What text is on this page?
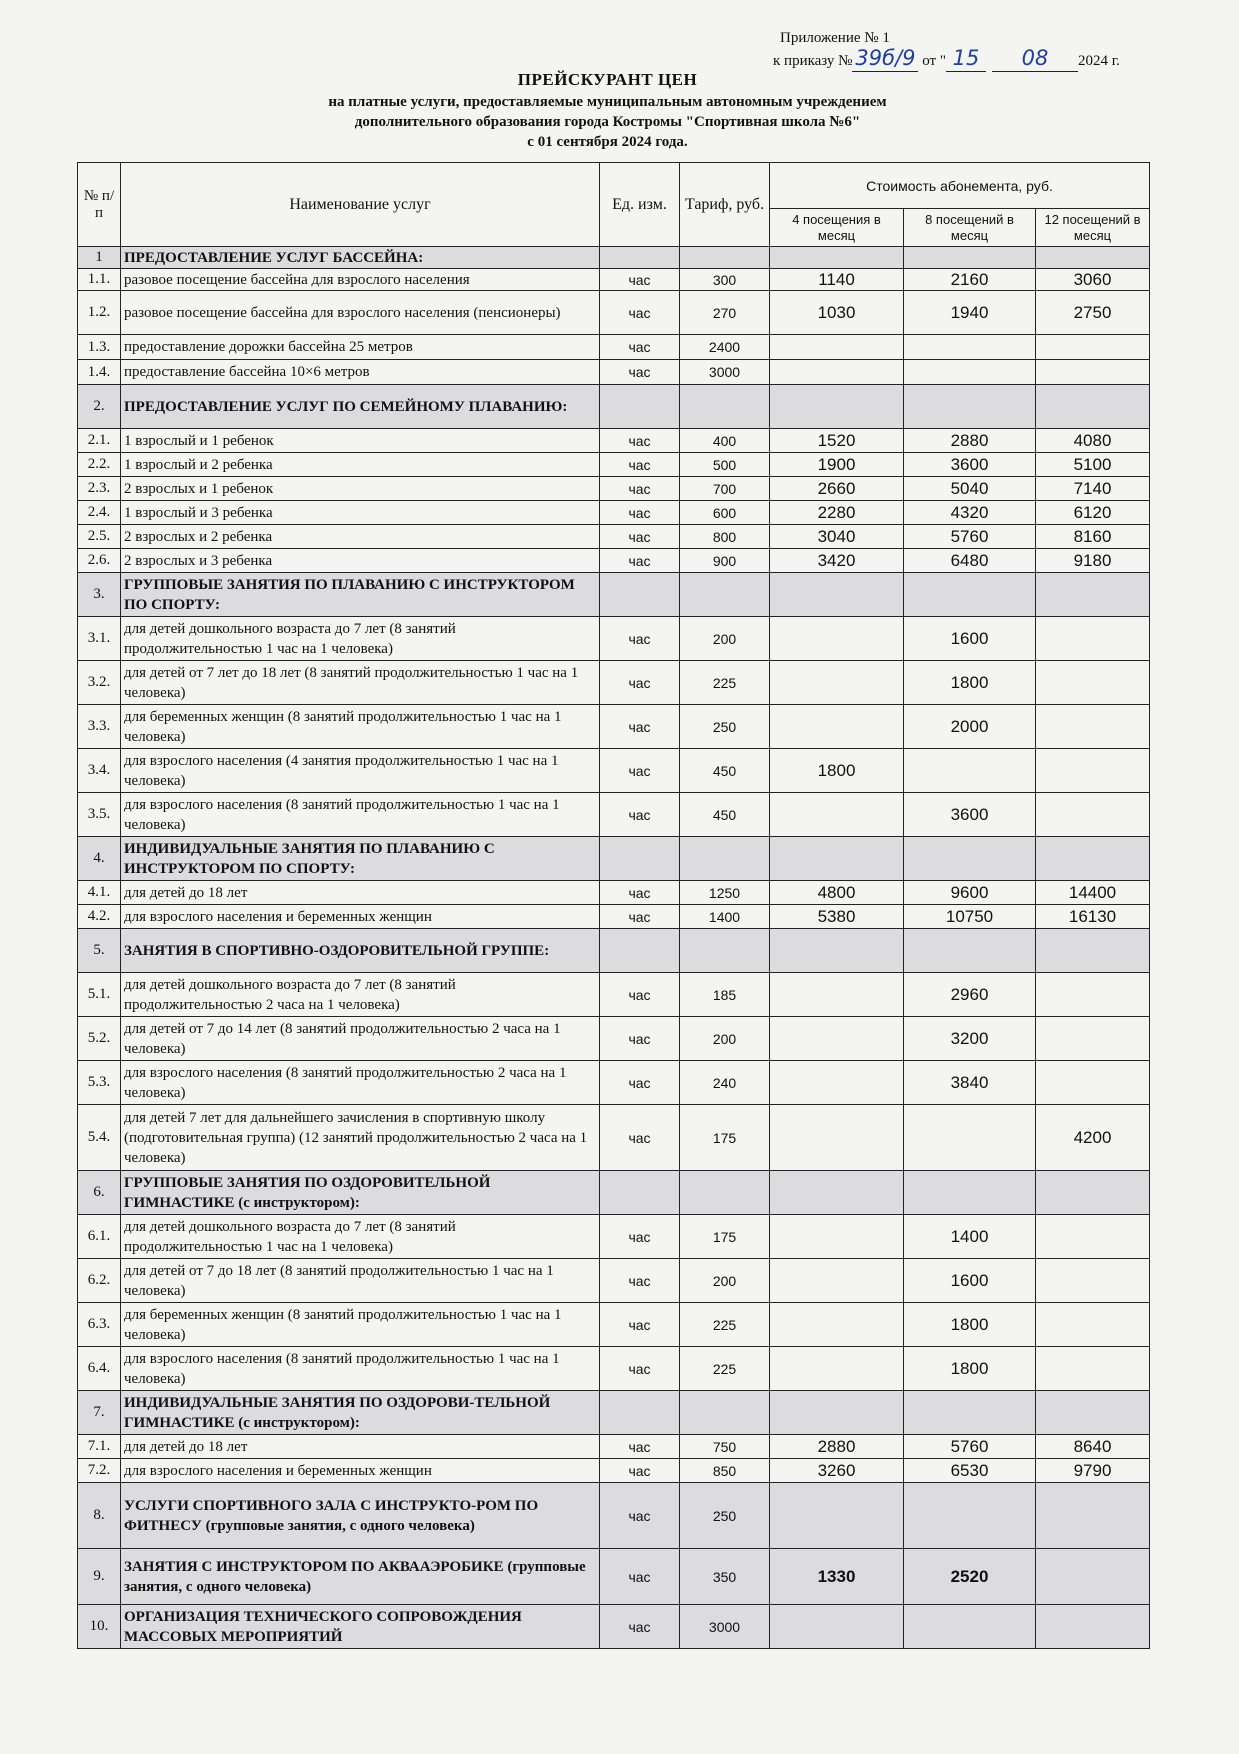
Приложение № 1
к приказу № 39б/9 от " 15 08 2024 г.
ПРЕЙСКУРАНТ ЦЕН
на платные услуги, предоставляемые муниципальным автономным учреждением
дополнительного образования города Костромы "Спортивная школа №6"
с 01 сентября 2024 года.
№ п/п	Наименование услуг	Ед. изм.	Тариф, руб.	Стоимость абонемента, руб.		
				4 посещения в месяц	8 посещений в месяц	12 посещений в месяц
1	ПРЕДОСТАВЛЕНИЕ УСЛУГ БАССЕЙНА:					
1.1.	разовое посещение бассейна для взрослого населения	час	300	1140	2160	3060
1.2.	разовое посещение бассейна для взрослого населения (пенсионеры)	час	270	1030	1940	2750
1.3.	предоставление дорожки бассейна 25 метров	час	2400			
1.4.	предоставление бассейна 10×6 метров	час	3000			
2.	ПРЕДОСТАВЛЕНИЕ УСЛУГ ПО СЕМЕЙНОМУ ПЛАВАНИЮ:					
2.1.	1 взрослый и 1 ребенок	час	400	1520	2880	4080
2.2.	1 взрослый и 2 ребенка	час	500	1900	3600	5100
2.3.	2 взрослых и 1 ребенок	час	700	2660	5040	7140
2.4.	1 взрослый и 3 ребенка	час	600	2280	4320	6120
2.5.	2 взрослых и 2 ребенка	час	800	3040	5760	8160
2.6.	2 взрослых и 3 ребенка	час	900	3420	6480	9180
3.	ГРУППОВЫЕ ЗАНЯТИЯ ПО ПЛАВАНИЮ С ИНСТРУКТОРОМ ПО СПОРТУ:					
3.1.	для детей дошкольного возраста до 7 лет (8 занятий продолжительностью 1 час на 1 человека)	час	200		1600	
3.2.	для детей от 7 лет до 18 лет (8 занятий продолжительностью 1 час на 1 человека)	час	225		1800	
3.3.	для беременных женщин (8 занятий продолжительностью 1 час на 1 человека)	час	250		2000	
3.4.	для взрослого населения (4 занятия продолжительностью 1 час на 1 человека)	час	450	1800		
3.5.	для взрослого населения (8 занятий продолжительностью 1 час на 1 человека)	час	450		3600	
4.	ИНДИВИДУАЛЬНЫЕ ЗАНЯТИЯ ПО ПЛАВАНИЮ С ИНСТРУКТОРОМ ПО СПОРТУ:					
4.1.	для детей до 18 лет	час	1250	4800	9600	14400
4.2.	для взрослого населения и беременных женщин	час	1400	5380	10750	16130
5.	ЗАНЯТИЯ В СПОРТИВНО-ОЗДОРОВИТЕЛЬНОЙ ГРУППЕ:					
5.1.	для детей дошкольного возраста до 7 лет (8 занятий продолжительностью 2 часа на 1 человека)	час	185		2960	
5.2.	для детей от 7 до 14 лет (8 занятий продолжительностью 2 часа на 1 человека)	час	200		3200	
5.3.	для взрослого населения (8 занятий продолжительностью 2 часа на 1 человека)	час	240		3840	
5.4.	для детей 7 лет для дальнейшего зачисления в спортивную школу (подготовительная группа) (12 занятий продолжительностью 2 часа на 1 человека)	час	175			4200
6.	ГРУППОВЫЕ ЗАНЯТИЯ ПО ОЗДОРОВИТЕЛЬНОЙ ГИМНАСТИКЕ (с инструктором):					
6.1.	для детей дошкольного возраста до 7 лет (8 занятий продолжительностью 1 час на 1 человека)	час	175		1400	
6.2.	для детей от 7 до 18 лет (8 занятий продолжительностью 1 час на 1 человека)	час	200		1600	
6.3.	для беременных женщин (8 занятий продолжительностью 1 час на 1 человека)	час	225		1800	
6.4.	для взрослого населения (8 занятий продолжительностью 1 час на 1 человека)	час	225		1800	
7.	ИНДИВИДУАЛЬНЫЕ ЗАНЯТИЯ ПО ОЗДОРОВИ-ТЕЛЬНОЙ ГИМНАСТИКЕ (с инструктором):					
7.1.	для детей до 18 лет	час	750	2880	5760	8640
7.2.	для взрослого населения и беременных женщин	час	850	3260	6530	9790
8.	УСЛУГИ СПОРТИВНОГО ЗАЛА С ИНСТРУКТО-РОМ ПО ФИТНЕСУ (групповые занятия, с одного человека)	час	250			
9.	ЗАНЯТИЯ С ИНСТРУКТОРОМ ПО АКВААЭРОБИКЕ (групповые занятия, с одного человека)	час	350	1330	2520	
10.	ОРГАНИЗАЦИЯ ТЕХНИЧЕСКОГО СОПРОВОЖДЕНИЯ МАССОВЫХ МЕРОПРИЯТИЙ	час	3000			
